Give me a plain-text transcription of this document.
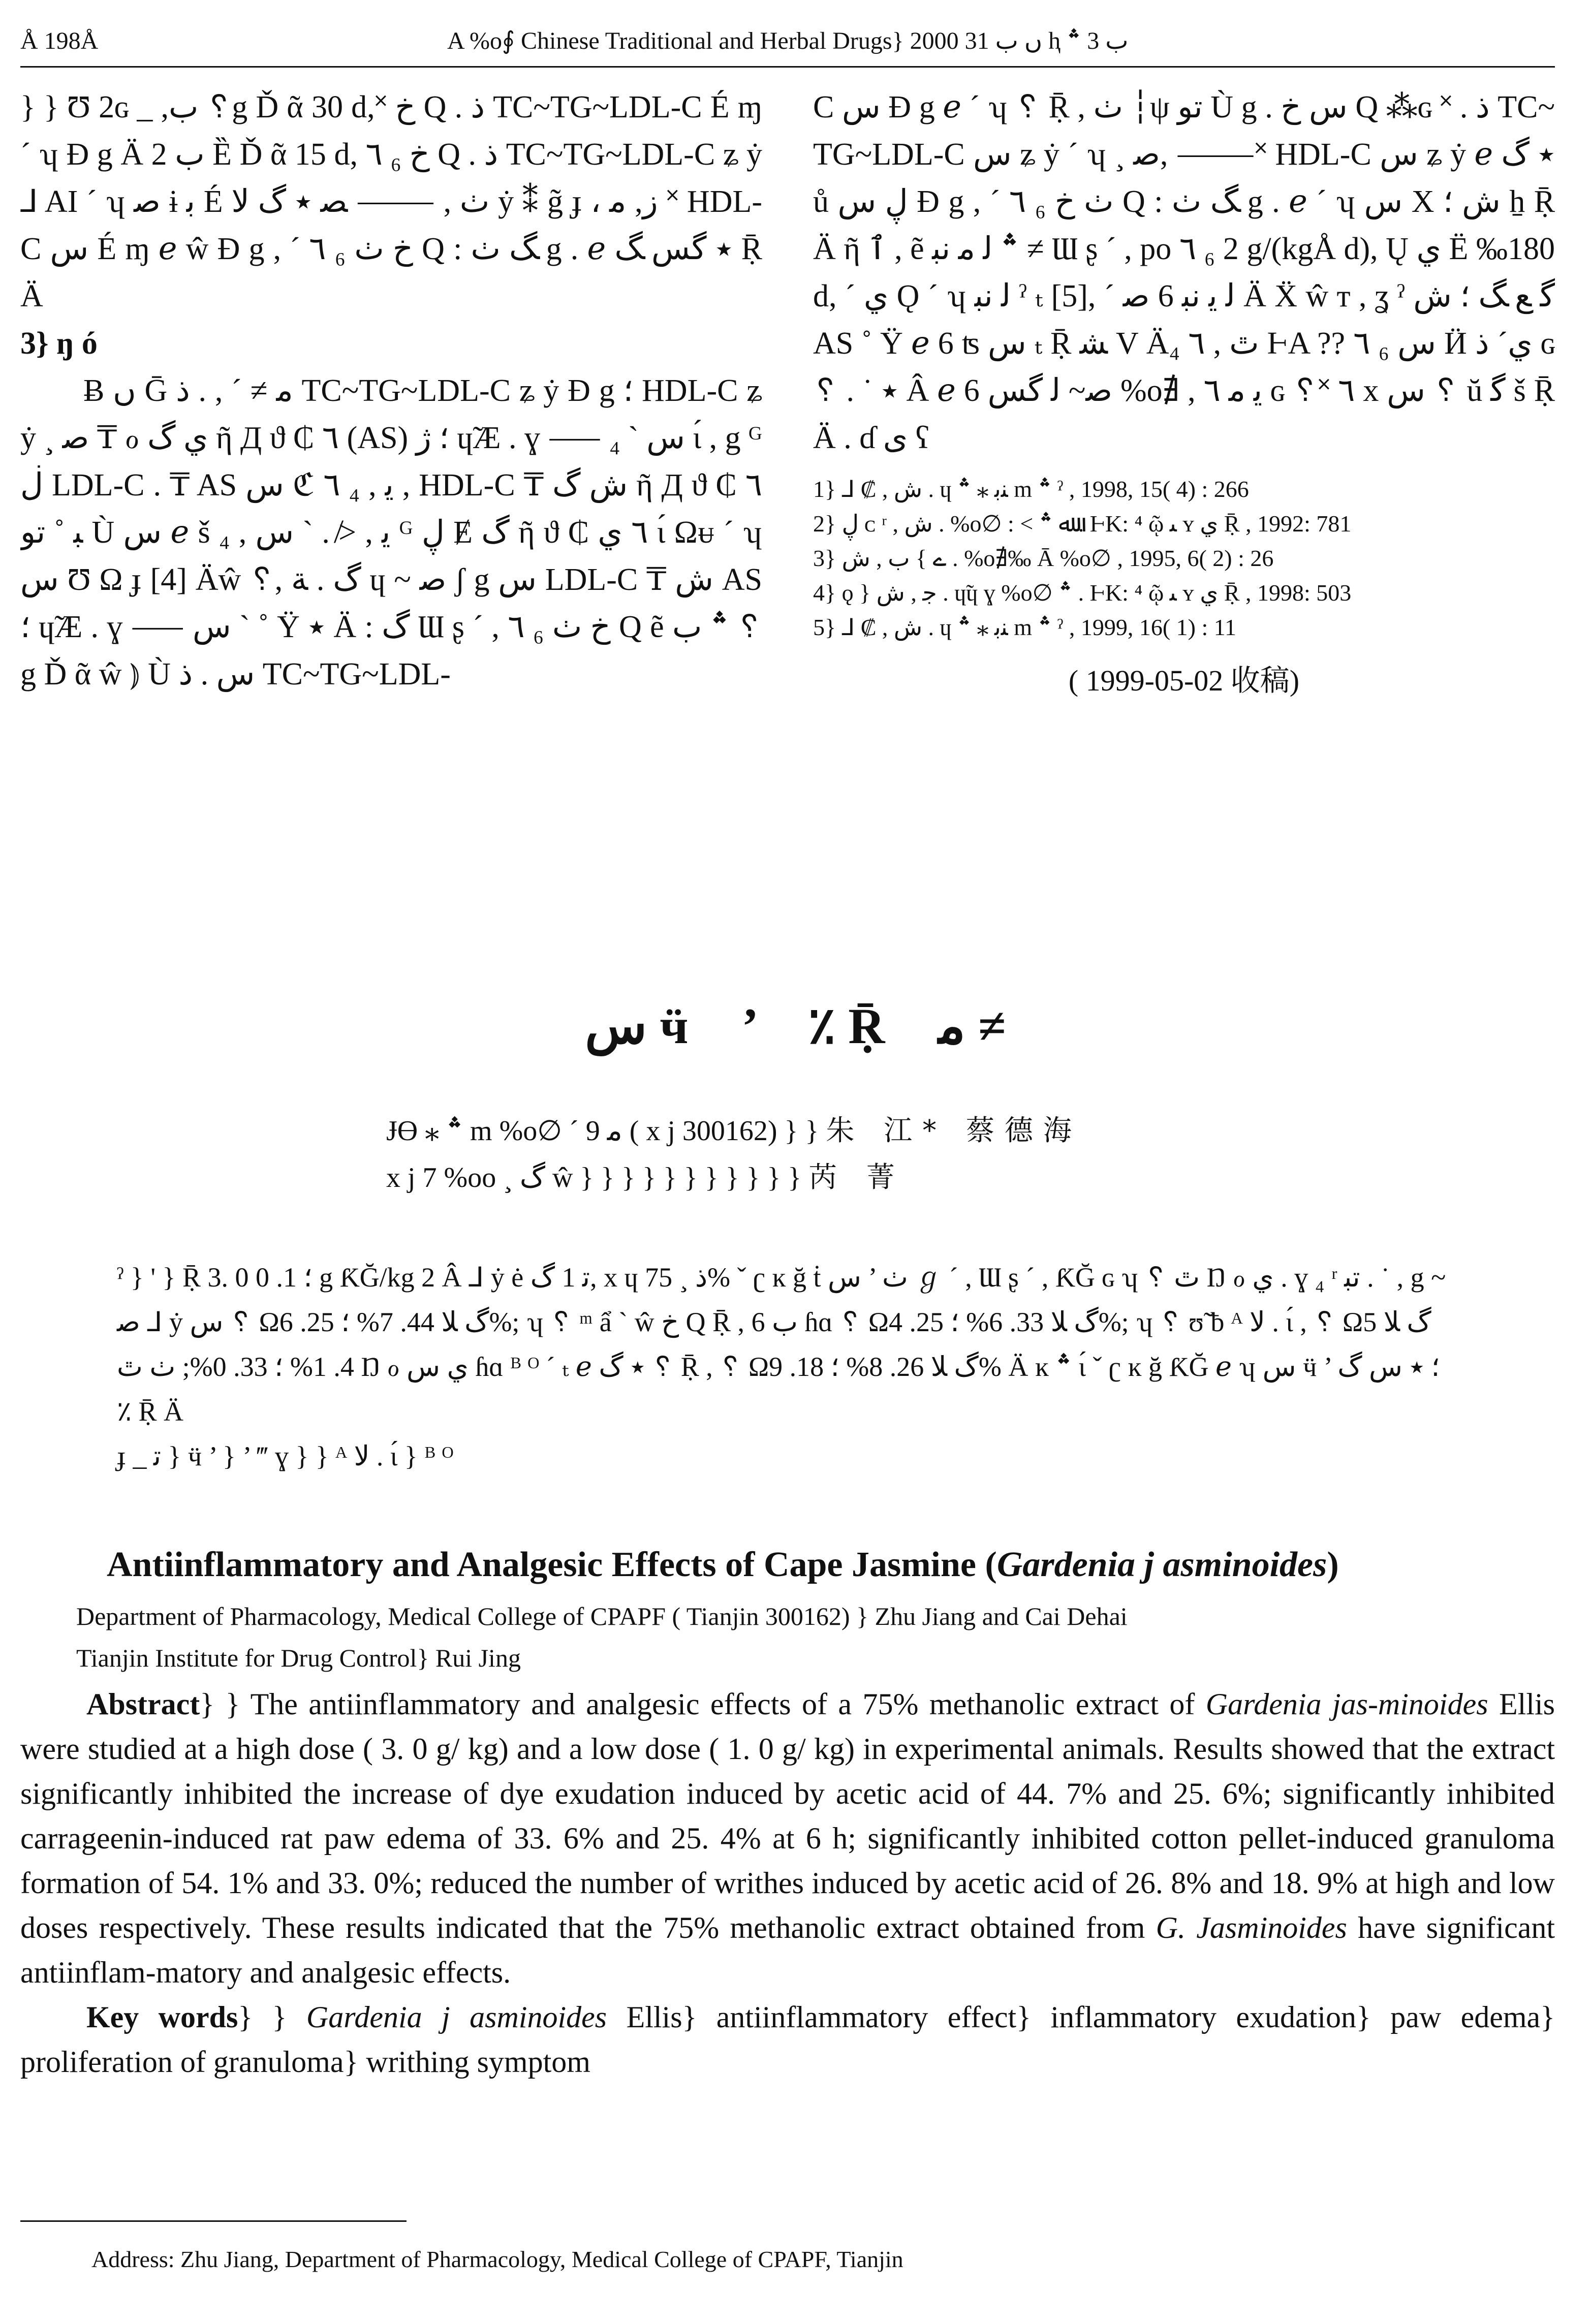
Å 198Å	A %o∮ Chinese Traditional and Herbal Drugs} 2000 ں ب 31 ⱨ ب 3 ؞

} } Ʊ 2ɢ _ ,ب ␦g Ď ᾶ 30 d,˟ خ Q . ذ TC~TG~LDL-C É ɱ ´ ʮ Ɖ g Ä 2 ب Ȅ Ď ᾶ 15 d, ٦ ₆ خ Q . ذ TC~TG~LDL-C ʑ ẏ ⅃ AI ´ ʮ ﺻ ɨ ﺑ É ٺ , ⸻ ﺼ ٭ گ ﻻ ẏ ⁑ g̃ ɟ ، ز, ﻣ ˟ HDL-C ﺱ É ɱ ℯ ŵ Ɖ g , ´ ٦ ₆ خ ٺ Q : ﮓ ٺ g . ℯ ٭ ﮔﺲ ﮓ Ṝ Ä

3} ŋ ó

Ƀ ں Ḡ ﻣ ≠ ´ , . ذ TC~TG~LDL-C ʑ ẏ Ɖ g ؛ HDL-C ʑ ẏ ¸ ﺻ ₸ ℴ ي گ ῆ Д ϑ ₵ ٦ (AS) ؛ ژ ɥ̃Æ . ɣ ⸺ ﺱ ` ₄ ɩ́ , g ᴳ ڶ LDL-C . ₸ AS ﺱ ℭ ٦ ₄ , ﻳ , HDL-C ₸ ﺵ گ ῆ Д ϑ ₵ ٦ ﺒ ˚ ﺗﻮ Ù ﺱ ℯ š ₄ , ﻳ , ≯ . ` ﺱ ᴳ ڸ Ɇ گ ῆ ϑ ₵ ٦ ي ɩ́ Ωᵾ ´ ʮ ﺱ Ʊ Ω ɟ [4] Äŵ ␦, گ . ﺔ ɥ ~ ﺻ ʃ g ﺱ LDL-C ₸ ﺵ AS ؛ ɥ̃Æ . ɣ ⸺ ﺱ ` ˚ Ÿ ٭ Ä : گ Ɯ ʂ ´ , ٦ ₆ خ ٺ Q ẽ ؞ ب ␦g Ď ᾶ ŵ ⦆ Ù ﺱ . ذ TC~TG~LDL-

C ﺱ Ɖ g ℯ ´ ʮ ␦ Ṝ , ٺ ┆ψ ﺗﻮ Ù g . ﺱ خ Q ⁂ɢ ˟ . ذ TC~TG~LDL-C ﺱ ʑ ẏ ´ ʮ ¸ ﺻ, ⸻˟ HDL-C ﺱ ʑ ẏ ℯ ٭ گ ů ڸ ﺱ Ɖ g , ´ ٦ ₆ ٺ خ Q : ﮓ ٺ g . ℯ ´ ʮ ﺱ X ﺵ ؛ ẖ Ṝ Ä ῆ ٱ , ẽ ؞ ﻟ ﻣ ﻧﺒ ≠ Ɯ ʂ ´ , po ٦ ₆ 2 g/(kgÅ d), Ų ي Ë ‰180 d, ´ ي Ǫ ´ ʮ ﻟ ﻧﺒ ˀ ₜ [5], ´ ﻟ ﻳ ﻧﺒ 6 ﺻ Ä Ẍ ŵ ᴛ , ʓ ˀ ﮔ ﻊ ﮓ ؛ ﺵ AS ˚ Ÿ ℯ 6 ʦ ﺱ ₜ Ṝ ﺸ V Ä₄ ٿ , ٦ ⱵA ?? ٦ ₆ ﺱ Ӥ ي´ ذ ɢ ␦ . ˙ ٭ Â ℯ 6 ﺻ~ ﻟ ﮔﺲ %o∄ , ﻳ ﻣ ٦ ɢ ␦˟ ٦ x ﺱ ␦ ŭ ﮔ š Ṝ Ä . ɗ ى ʕ

1} ⅃ ₡ , ﺵ . ɥ ﻨﺑ ⁎ ؞ m ؞ ˀ , 1998, 15( 4) : 266
2} ڸ ᴄ ʳ , ﺵ . %o∅ : ˂ ﷲ ؞ . ⱵK: ⁴ ῷ ﯩ ʏ ي Ṝ , 1992: 781
3} ے } ب , ﺵ . %o∄‰ Ā %o∅ , 1995, 6( 2) : 26
4} ǫ } ﺟ , ﺵ . ɥ̃ɥ ɣ %o∅ ؞ . ⱵK: ⁴ ῷ ﯩ ʏ ي Ṝ , 1998: 503
5} ⅃ ₡ , ﺵ . ɥ ﻨﺑ ⁎ ؞ m ؞ ˀ , 1999, 16( 1) : 11
( 1999-05-02 收稿)
ﺱ ӵ ’ ٪ Ṝ ﻣ ≠
ɈƟ ⁎ ؞ m %o∅ ´ ﻣ 9 ( x j 300162) } } 朱 江* 蔡德海
x j 7 %oo ¸ گ ŵ } } } } } } } } } } } 芮 菁

ˀ } ' } Ṝ 3. 0 ؛ 1. 0 g ƘĞ/kg 2 Â ⅃ ẏ ė ﺗ 1 گ, x ɥ ذ ¸ 75% ˇ ʗ ĸ ğ ṫ ٺ ’ ﺱ ℊ ´ , Ɯ ʂ ´ , ƘĞ ɢ ʮ ␦ ٿ Ŋ ℴ ي . ɣ ₄ ʳ ﺗﺒ . ˙ , g ~ ﺻ ⅃ ẏ ﺱ ␦ Ωگ ﻼ 44. 7% ؛ 25. 6%; ʮ ␦ ᵐ ẩ ` ŵ خ Q Ṝ , ب 6 ɦɑ ␦ Ωگ ﻼ 33. 6% ؛ 25. 4%; ʮ ␦ ʊ̃ ƀ ᴬ ﻻ . ɩ́ , ␦ Ωگ ﻼ 54. 1% ؛ 33. 0%; ٺ ٿ Ŋ ℴ ي ﺱ ɦɑ ᴮ ᴼ ´ ₜ ℯ ٭ گ ␦ Ṝ , ␦ Ωگ ﻼ 26. 8% ؛ 18. 9% Ä ĸ ؞ ɩ́ ˇ ʗ ĸ ğ ƘĞ ℯ ʮ ﺱ ӵ ’ ؛ ٭ ﺱ گ ٪ Ṝ Ä

ɟ _ ﺗ } ӵ ’ } ’ ‴ ɣ } } ᴬ ﻻ . ɩ́ } ᴮ ᴼ

Antiinflammatory and Analgesic Effects of Cape Jasmine (Gardenia j asminoides)
Department of Pharmacology, Medical College of CPAPF ( Tianjin 300162) } Zhu Jiang and Cai Dehai
Tianjin Institute for Drug Control} Rui Jing

Abstract} } The antiinflammatory and analgesic effects of a 75% methanolic extract of Gardenia jas-minoides Ellis were studied at a high dose ( 3. 0 g/ kg) and a low dose ( 1. 0 g/ kg) in experimental animals. Results showed that the extract significantly inhibited the increase of dye exudation induced by acetic acid of 44. 7% and 25. 6%; significantly inhibited carrageenin-induced rat paw edema of 33. 6% and 25. 4% at 6 h; significantly inhibited cotton pellet-induced granuloma formation of 54. 1% and 33. 0%; reduced the number of writhes induced by acetic acid of 26. 8% and 18. 9% at high and low doses respectively. These results indicated that the 75% methanolic extract obtained from G. Jasminoides have significant antiinflam-matory and analgesic effects.

Key words} } Gardenia j asminoides Ellis} antiinflammatory effect} inflammatory exudation} paw edema} proliferation of granuloma} writhing symptom

Address: Zhu Jiang, Department of Pharmacology, Medical College of CPAPF, Tianjin
